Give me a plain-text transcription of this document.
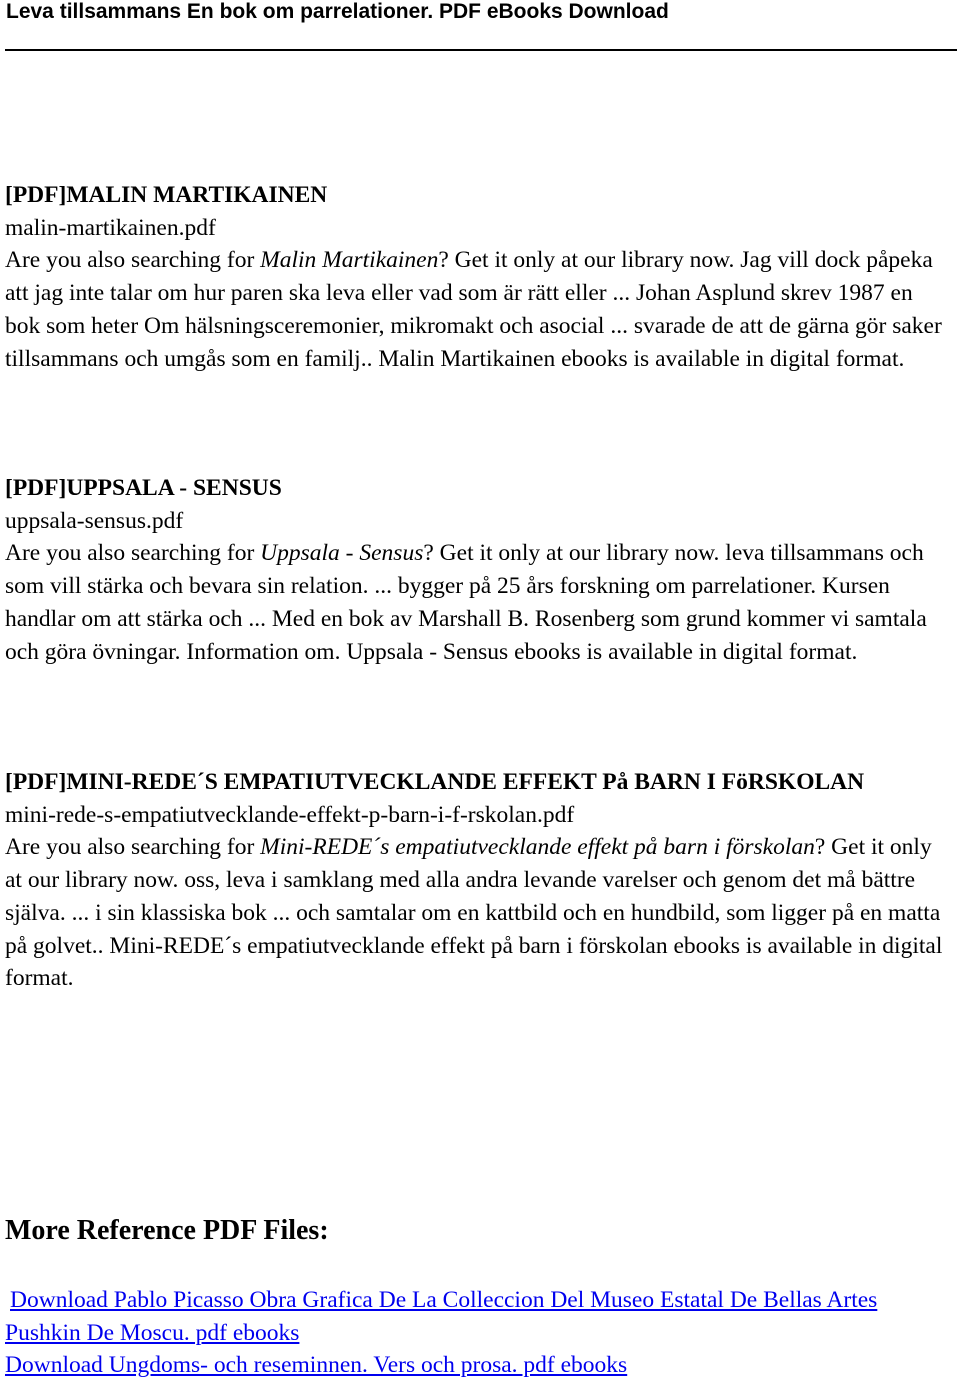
Leva tillsammans En bok om parrelationer. PDF eBooks Download
[PDF]MALIN MARTIKAINEN
malin-martikainen.pdf
Are you also searching for Malin Martikainen? Get it only at our library now. Jag vill dock påpeka att jag inte talar om hur paren ska leva eller vad som är rätt eller ... Johan Asplund skrev 1987 en bok som heter Om hälsningsceremonier, mikromakt och asocial ... svarade de att de gärna gör saker tillsammans och umgås som en familj.. Malin Martikainen ebooks is available in digital format.
[PDF]UPPSALA - SENSUS
uppsala-sensus.pdf
Are you also searching for Uppsala - Sensus? Get it only at our library now. leva tillsammans och som vill stärka och bevara sin relation. ... bygger på 25 års forskning om parrelationer. Kursen handlar om att stärka och ... Med en bok av Marshall B. Rosenberg som grund kommer vi samtala och göra övningar. Information om. Uppsala - Sensus ebooks is available in digital format.
[PDF]MINI-REDE´S EMPATIUTVECKLANDE EFFEKT På BARN I FöRSKOLAN
mini-rede-s-empatiutvecklande-effekt-p-barn-i-f-rskolan.pdf
Are you also searching for Mini-REDE´s empatiutvecklande effekt på barn i förskolan? Get it only at our library now. oss, leva i samklang med alla andra levande varelser och genom det må bättre själva. ... i sin klassiska bok ... och samtalar om en kattbild och en hundbild, som ligger på en matta på golvet.. Mini-REDE´s empatiutvecklande effekt på barn i förskolan ebooks is available in digital format.
More Reference PDF Files:
Download Pablo Picasso Obra Grafica De La Colleccion Del Museo Estatal De Bellas Artes Pushkin De Moscu. pdf ebooks
Download Ungdoms- och reseminnen. Vers och prosa. pdf ebooks
